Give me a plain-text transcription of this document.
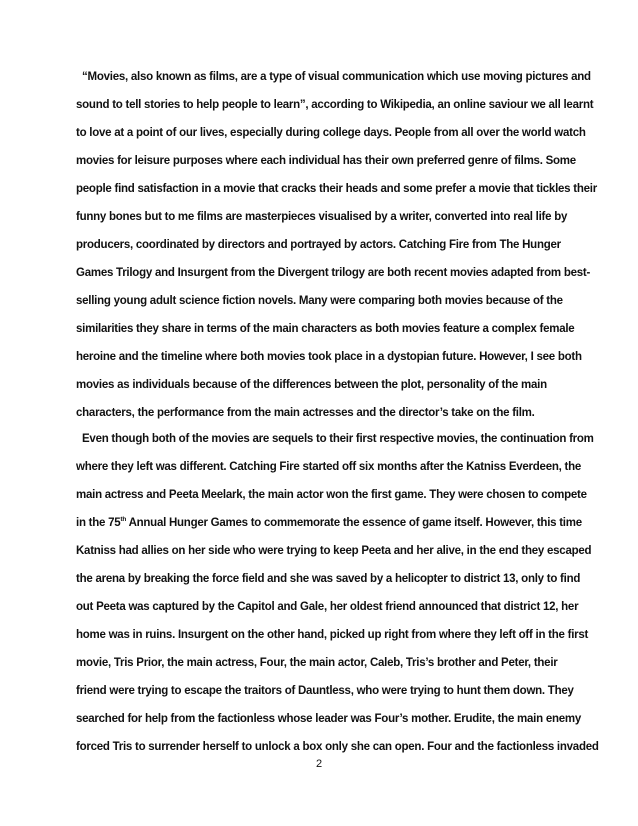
“Movies, also known as films, are a type of visual communication which use moving pictures and
sound to tell stories to help people to learn”, according to Wikipedia, an online saviour we all learnt
to love at a point of our lives, especially during college days. People from all over the world watch
movies for leisure purposes where each individual has their own preferred genre of films. Some
people find satisfaction in a movie that cracks their heads and some prefer a movie that tickles their
funny bones but to me films are masterpieces visualised by a writer, converted into real life by
producers, coordinated by directors and portrayed by actors. Catching Fire from The Hunger
Games Trilogy and Insurgent from the Divergent trilogy are both recent movies adapted from best-
selling young adult science fiction novels. Many were comparing both movies because of the
similarities they share in terms of the main characters as both movies feature a complex female
heroine and the timeline where both movies took place in a dystopian future. However, I see both
movies as individuals because of the differences between the plot, personality of the main
characters, the performance from the main actresses and the director’s take on the film.
Even though both of the movies are sequels to their first respective movies, the continuation from
where they left was different. Catching Fire started off six months after the Katniss Everdeen, the
main actress and Peeta Meelark, the main actor won the first game. They were chosen to compete
in the 75th Annual Hunger Games to commemorate the essence of game itself. However, this time
Katniss had allies on her side who were trying to keep Peeta and her alive, in the end they escaped
the arena by breaking the force field and she was saved by a helicopter to district 13, only to find
out Peeta was captured by the Capitol and Gale, her oldest friend announced that district 12, her
home was in ruins. Insurgent on the other hand, picked up right from where they left off in the first
movie, Tris Prior, the main actress, Four, the main actor, Caleb, Tris’s brother and Peter, their
friend were trying to escape the traitors of Dauntless, who were trying to hunt them down. They
searched for help from the factionless whose leader was Four’s mother. Erudite, the main enemy
forced Tris to surrender herself to unlock a box only she can open. Four and the factionless invaded
2
